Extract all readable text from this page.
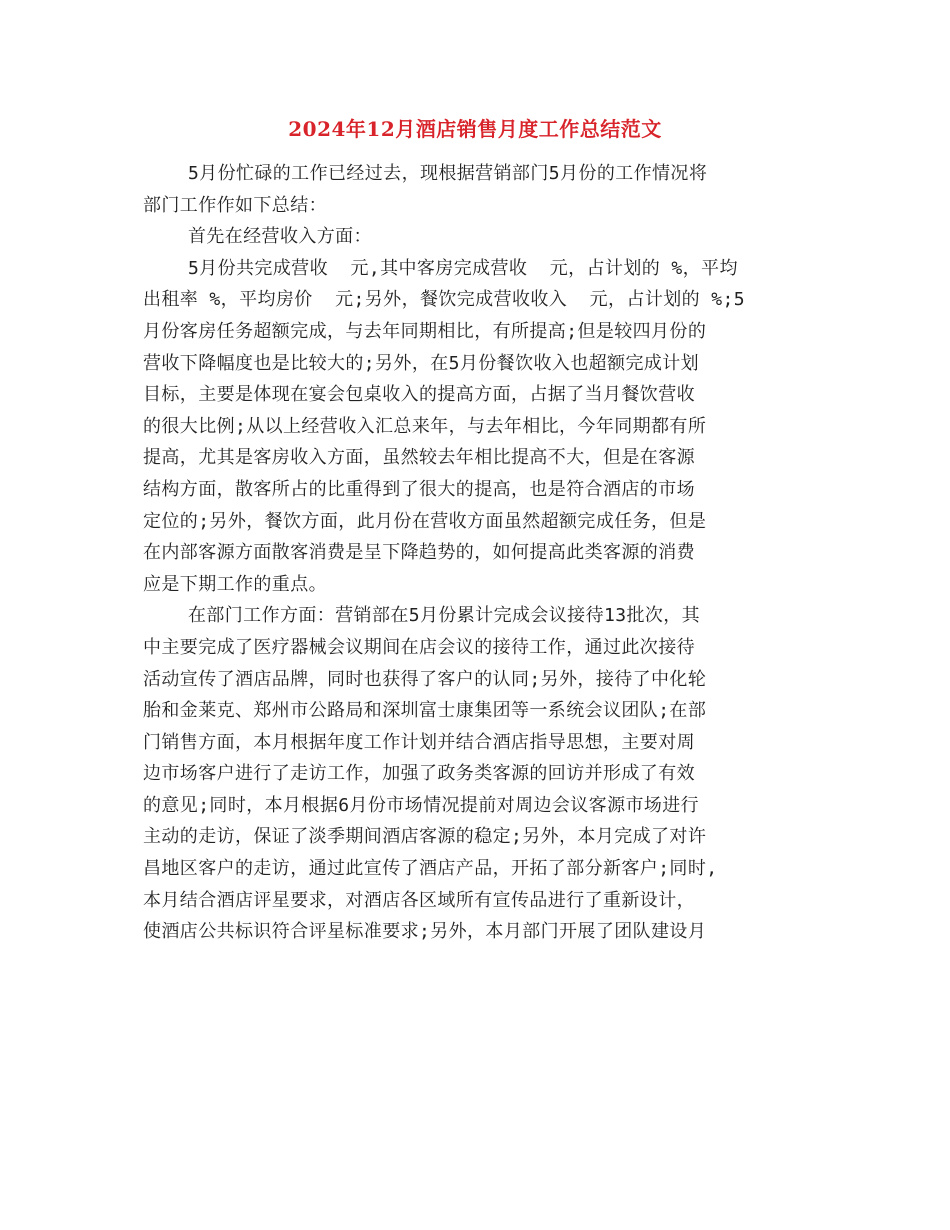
2024年12月酒店销售月度工作总结范文
5月份忙碌的工作已经过去，现根据营销部门5月份的工作情况将
部门工作作如下总结：
首先在经营收入方面：
5月份共完成营收  元,其中客房完成营收  元，占计划的 %，平均
出租率 %，平均房价  元;另外，餐饮完成营收收入  元，占计划的 %;5
月份客房任务超额完成，与去年同期相比，有所提高;但是较四月份的
营收下降幅度也是比较大的;另外，在5月份餐饮收入也超额完成计划
目标，主要是体现在宴会包桌收入的提高方面，占据了当月餐饮营收
的很大比例;从以上经营收入汇总来年，与去年相比，今年同期都有所
提高，尤其是客房收入方面，虽然较去年相比提高不大，但是在客源
结构方面，散客所占的比重得到了很大的提高，也是符合酒店的市场
定位的;另外，餐饮方面，此月份在营收方面虽然超额完成任务，但是
在内部客源方面散客消费是呈下降趋势的，如何提高此类客源的消费
应是下期工作的重点。
在部门工作方面：营销部在5月份累计完成会议接待13批次，其
中主要完成了医疗器械会议期间在店会议的接待工作，通过此次接待
活动宣传了酒店品牌，同时也获得了客户的认同;另外，接待了中化轮
胎和金莱克、郑州市公路局和深圳富士康集团等一系统会议团队;在部
门销售方面，本月根据年度工作计划并结合酒店指导思想，主要对周
边市场客户进行了走访工作，加强了政务类客源的回访并形成了有效
的意见;同时，本月根据6月份市场情况提前对周边会议客源市场进行
主动的走访，保证了淡季期间酒店客源的稳定;另外，本月完成了对许
昌地区客户的走访，通过此宣传了酒店产品，开拓了部分新客户;同时,
本月结合酒店评星要求，对酒店各区域所有宣传品进行了重新设计，
使酒店公共标识符合评星标准要求;另外，本月部门开展了团队建设月
